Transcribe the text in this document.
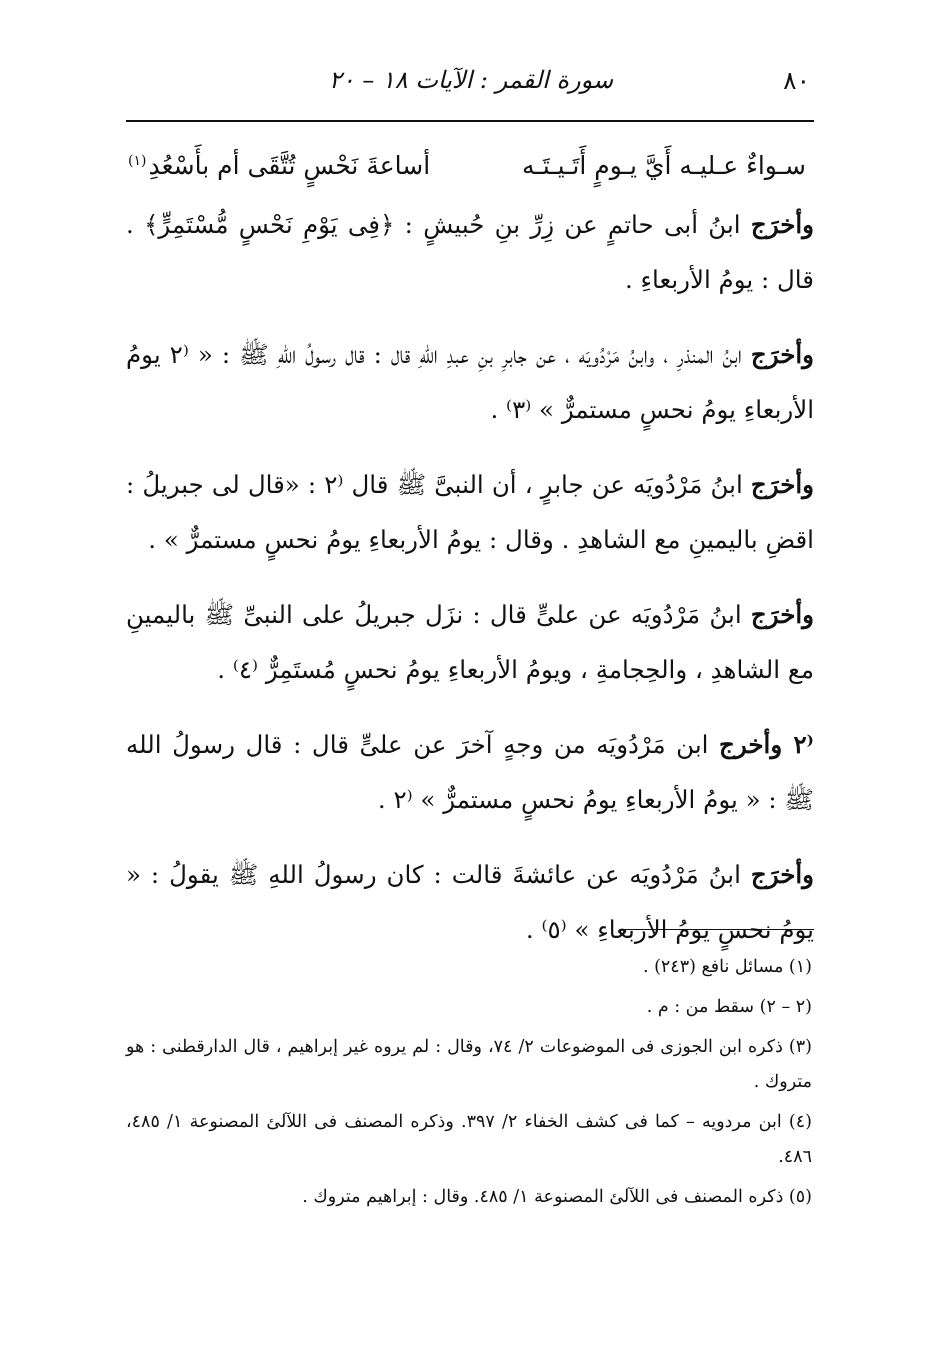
٨٠
سورة القمر : الآيات ١٨ – ٢٠
سـواءٌ عـليـه أَيَّ يـومٍ أَتَـيـتَـه
أساعةَ نَحْسٍ تُتَّقَى أم بأَسْعُدِ$^{(١)}$

وأخرَج ابنُ أبى حاتمٍ عن زِرِّ بنِ حُبيشٍ : ﴿فِى يَوْمِ نَحْسٍ مُّسْتَمِرٍّ﴾ . قال : يومُ الأربعاءِ .

وأخرَج ابنُ المنذرِ ، وابنُ مَرْدُويَه ، عن جابرِ بنِ عبدِ اللهِ قال : قال رسولُ اللهِ ﷺ : « ⁽٢ يومُ الأربعاءِ يومُ نحسٍ مستمرٌّ » ⁽٣⁾ .

وأخرَج ابنُ مَرْدُويَه عن جابرٍ ، أن النبىَّ ﷺ قال ⁽٢ : «قال لى جبريلُ : اقضِ باليمينِ مع الشاهدِ . وقال : يومُ الأربعاءِ يومُ نحسٍ مستمرٌّ » .

وأخرَج ابنُ مَرْدُويَه عن علىٍّ قال : نزَل جبريلُ على النبىِّ ﷺ باليمينِ مع الشاهدِ ، والحِجامةِ ، ويومُ الأربعاءِ يومُ نحسٍ مُستَمِرٌّ ⁽٤⁾ .

⁽٢ وأخرج ابن مَرْدُويَه من وجهٍ آخرَ عن علىٍّ قال : قال رسولُ الله ﷺ : « يومُ الأربعاءِ يومُ نحسٍ مستمرٌّ » ⁽٢ .

وأخرَج ابنُ مَرْدُويَه عن عائشةَ قالت : كان رسولُ اللهِ ﷺ يقولُ : « يومُ نحسٍ يومُ الأربعاءِ » ⁽٥⁾ .

(١) مسائل نافع (٢٤٣) .

(٢ – ٢) سقط من : م .

(٣) ذكره ابن الجوزى فى الموضوعات ٢/ ٧٤، وقال : لم يروه غير إبراهيم ، قال الدارقطنى : هو متروك .

(٤) ابن مردويه – كما فى كشف الخفاء ٢/ ٣٩٧. وذكره المصنف فى اللآلئ المصنوعة ١/ ٤٨٥، ٤٨٦.

(٥) ذكره المصنف فى اللآلئ المصنوعة ١/ ٤٨٥. وقال : إبراهيم متروك .
